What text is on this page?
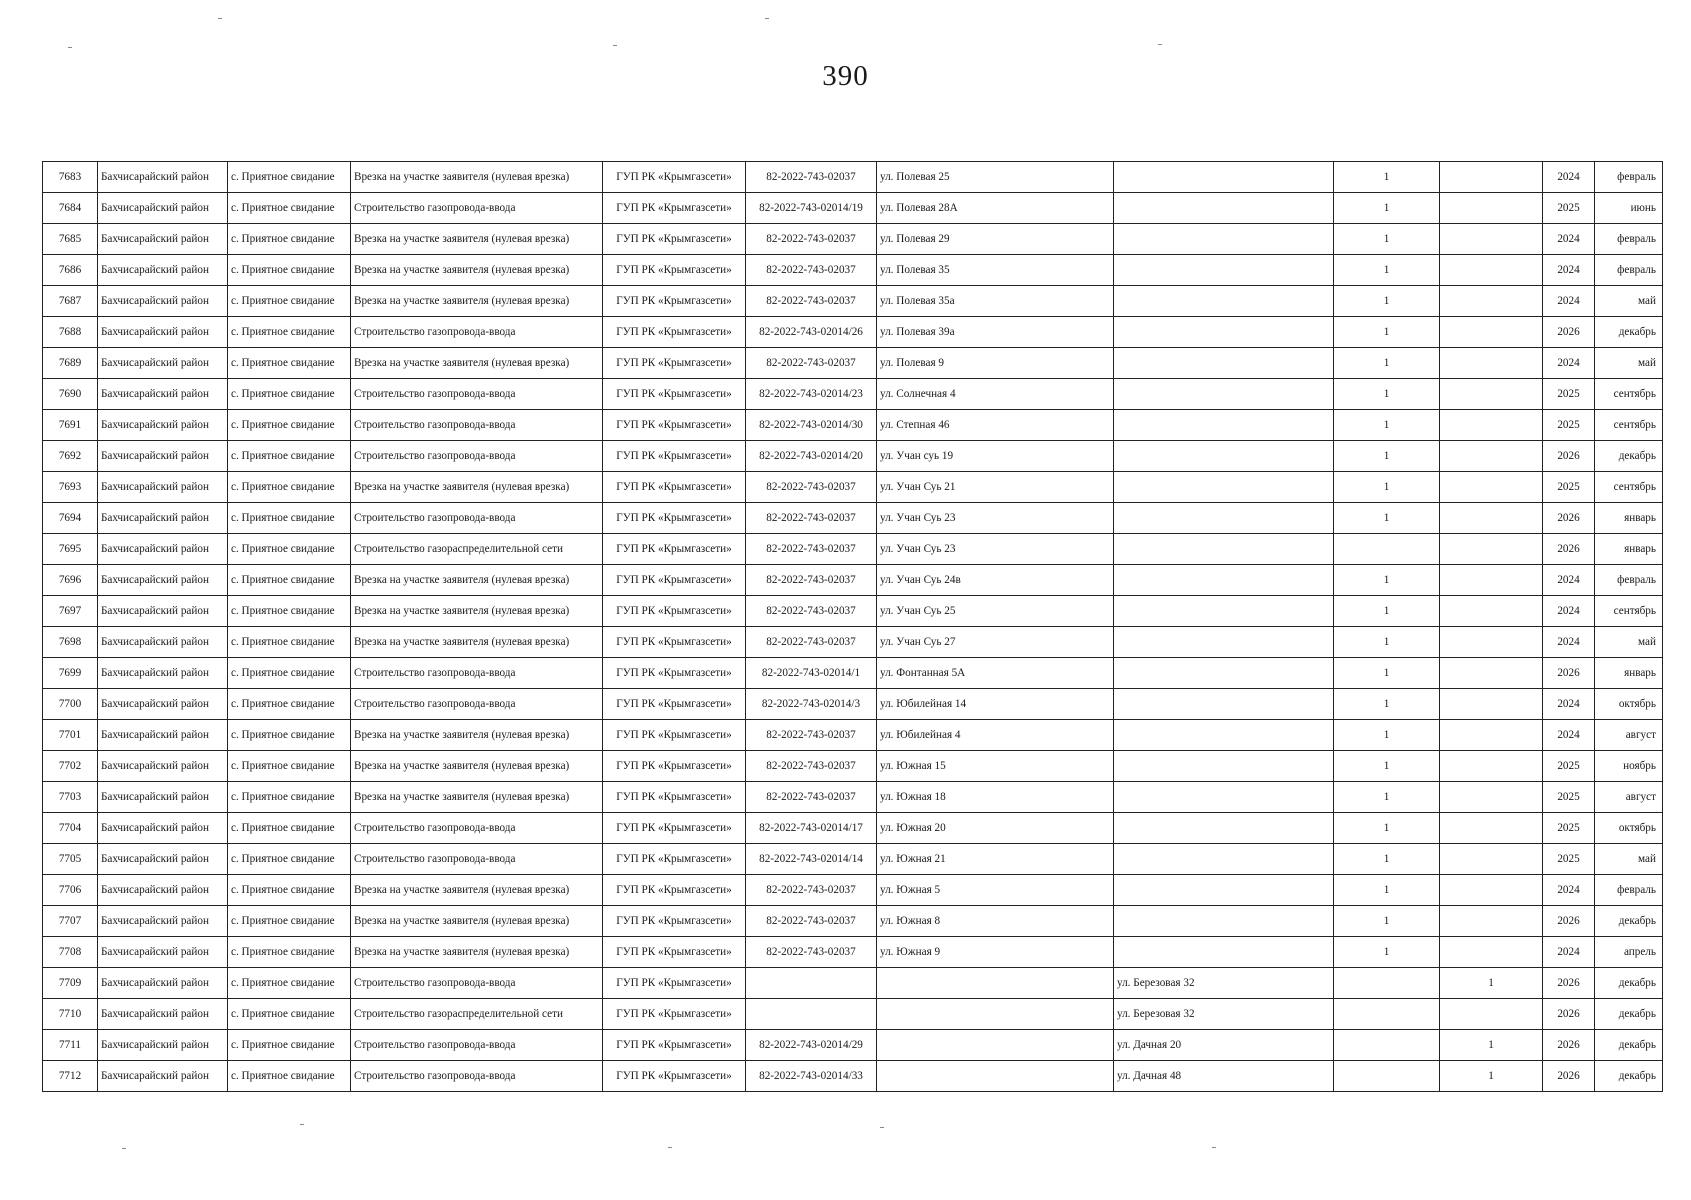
390
7683	Бахчисарайский район	с. Приятное свидание	Врезка на участке заявителя (нулевая врезка)	ГУП РК «Крымгазсети»	82-2022-743-02037	ул. Полевая 25		1		2024	февраль
7684	Бахчисарайский район	с. Приятное свидание	Строительство газопровода-ввода	ГУП РК «Крымгазсети»	82-2022-743-02014/19	ул. Полевая 28А		1		2025	июнь
7685	Бахчисарайский район	с. Приятное свидание	Врезка на участке заявителя (нулевая врезка)	ГУП РК «Крымгазсети»	82-2022-743-02037	ул. Полевая 29		1		2024	февраль
7686	Бахчисарайский район	с. Приятное свидание	Врезка на участке заявителя (нулевая врезка)	ГУП РК «Крымгазсети»	82-2022-743-02037	ул. Полевая 35		1		2024	февраль
7687	Бахчисарайский район	с. Приятное свидание	Врезка на участке заявителя (нулевая врезка)	ГУП РК «Крымгазсети»	82-2022-743-02037	ул. Полевая 35а		1		2024	май
7688	Бахчисарайский район	с. Приятное свидание	Строительство газопровода-ввода	ГУП РК «Крымгазсети»	82-2022-743-02014/26	ул. Полевая 39а		1		2026	декабрь
7689	Бахчисарайский район	с. Приятное свидание	Врезка на участке заявителя (нулевая врезка)	ГУП РК «Крымгазсети»	82-2022-743-02037	ул. Полевая 9		1		2024	май
7690	Бахчисарайский район	с. Приятное свидание	Строительство газопровода-ввода	ГУП РК «Крымгазсети»	82-2022-743-02014/23	ул. Солнечная 4		1		2025	сентябрь
7691	Бахчисарайский район	с. Приятное свидание	Строительство газопровода-ввода	ГУП РК «Крымгазсети»	82-2022-743-02014/30	ул. Степная 46		1		2025	сентябрь
7692	Бахчисарайский район	с. Приятное свидание	Строительство газопровода-ввода	ГУП РК «Крымгазсети»	82-2022-743-02014/20	ул. Учан суь 19		1		2026	декабрь
7693	Бахчисарайский район	с. Приятное свидание	Врезка на участке заявителя (нулевая врезка)	ГУП РК «Крымгазсети»	82-2022-743-02037	ул. Учан Суь 21		1		2025	сентябрь
7694	Бахчисарайский район	с. Приятное свидание	Строительство газопровода-ввода	ГУП РК «Крымгазсети»	82-2022-743-02037	ул. Учан Суь 23		1		2026	январь
7695	Бахчисарайский район	с. Приятное свидание	Строительство газораспределительной сети	ГУП РК «Крымгазсети»	82-2022-743-02037	ул. Учан Суь 23				2026	январь
7696	Бахчисарайский район	с. Приятное свидание	Врезка на участке заявителя (нулевая врезка)	ГУП РК «Крымгазсети»	82-2022-743-02037	ул. Учан Суь 24в		1		2024	февраль
7697	Бахчисарайский район	с. Приятное свидание	Врезка на участке заявителя (нулевая врезка)	ГУП РК «Крымгазсети»	82-2022-743-02037	ул. Учан Суь 25		1		2024	сентябрь
7698	Бахчисарайский район	с. Приятное свидание	Врезка на участке заявителя (нулевая врезка)	ГУП РК «Крымгазсети»	82-2022-743-02037	ул. Учан Суь 27		1		2024	май
7699	Бахчисарайский район	с. Приятное свидание	Строительство газопровода-ввода	ГУП РК «Крымгазсети»	82-2022-743-02014/1	ул. Фонтанная 5А		1		2026	январь
7700	Бахчисарайский район	с. Приятное свидание	Строительство газопровода-ввода	ГУП РК «Крымгазсети»	82-2022-743-02014/3	ул. Юбилейная 14		1		2024	октябрь
7701	Бахчисарайский район	с. Приятное свидание	Врезка на участке заявителя (нулевая врезка)	ГУП РК «Крымгазсети»	82-2022-743-02037	ул. Юбилейная 4		1		2024	август
7702	Бахчисарайский район	с. Приятное свидание	Врезка на участке заявителя (нулевая врезка)	ГУП РК «Крымгазсети»	82-2022-743-02037	ул. Южная 15		1		2025	ноябрь
7703	Бахчисарайский район	с. Приятное свидание	Врезка на участке заявителя (нулевая врезка)	ГУП РК «Крымгазсети»	82-2022-743-02037	ул. Южная 18		1		2025	август
7704	Бахчисарайский район	с. Приятное свидание	Строительство газопровода-ввода	ГУП РК «Крымгазсети»	82-2022-743-02014/17	ул. Южная 20		1		2025	октябрь
7705	Бахчисарайский район	с. Приятное свидание	Строительство газопровода-ввода	ГУП РК «Крымгазсети»	82-2022-743-02014/14	ул. Южная 21		1		2025	май
7706	Бахчисарайский район	с. Приятное свидание	Врезка на участке заявителя (нулевая врезка)	ГУП РК «Крымгазсети»	82-2022-743-02037	ул. Южная 5		1		2024	февраль
7707	Бахчисарайский район	с. Приятное свидание	Врезка на участке заявителя (нулевая врезка)	ГУП РК «Крымгазсети»	82-2022-743-02037	ул. Южная 8		1		2026	декабрь
7708	Бахчисарайский район	с. Приятное свидание	Врезка на участке заявителя (нулевая врезка)	ГУП РК «Крымгазсети»	82-2022-743-02037	ул. Южная 9		1		2024	апрель
7709	Бахчисарайский район	с. Приятное свидание	Строительство газопровода-ввода	ГУП РК «Крымгазсети»			ул. Березовая 32		1	2026	декабрь
7710	Бахчисарайский район	с. Приятное свидание	Строительство газораспределительной сети	ГУП РК «Крымгазсети»			ул. Березовая 32			2026	декабрь
7711	Бахчисарайский район	с. Приятное свидание	Строительство газопровода-ввода	ГУП РК «Крымгазсети»	82-2022-743-02014/29		ул. Дачная 20		1	2026	декабрь
7712	Бахчисарайский район	с. Приятное свидание	Строительство газопровода-ввода	ГУП РК «Крымгазсети»	82-2022-743-02014/33		ул. Дачная 48		1	2026	декабрь
